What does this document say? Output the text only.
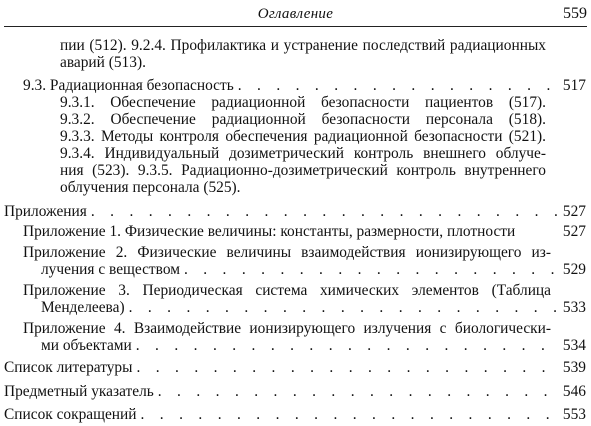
Оглавление	559
пии (512). 9.2.4. Профилактика и устранение последствий радиационных
аварий (513).
9.3. Радиационная безопасность . . .	517
9.3.1. Обеспечение радиационной безопасности пациентов (517).
9.3.2. Обеспечение радиационной безопасности персонала (518).
9.3.3. Методы контроля обеспечения радиационной безопасности (521).
9.3.4. Индивидуальный дозиметрический контроль внешнего облуче-
ния (523). 9.3.5. Радиационно-дозиметрический контроль внутреннего
облучения персонала (525).
Приложения . . .	527
Приложение 1. Физические величины: константы, размерности, плотности	527
Приложение 2. Физические величины взаимодействия ионизирующего из-
лучения с веществом . . .	529
Приложение 3. Периодическая система химических элементов (Таблица
Менделеева) . . .	533
Приложение 4. Взаимодействие ионизирующего излучения с биологически-
ми объектами . . .	534
Список литературы . . .	539
Предметный указатель . . .	546
Список сокращений . . .	553
